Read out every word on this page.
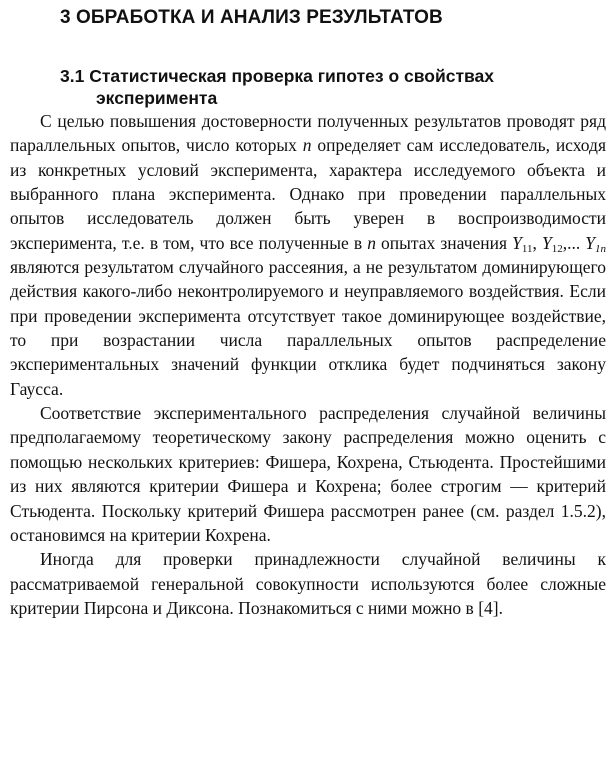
3 ОБРАБОТКА И АНАЛИЗ РЕЗУЛЬТАТОВ
3.1 Статистическая проверка гипотез о свойствах эксперимента

С целью повышения достоверности полученных результатов проводят ряд параллельных опытов, число которых n определяет сам исследователь, исходя из конкретных условий эксперимента, характера исследуемого объекта и выбранного плана эксперимента. Однако при проведении параллельных опытов исследователь должен быть уверен в воспроизводимости эксперимента, т.е. в том, что все полученные в n опытах значения $Y_{11}$, $Y_{12}$,... $Y_{1n}$ являются результатом случайного рассеяния, а не результатом доминирующего действия какого-либо неконтролируемого и неуправляемого воздействия. Если при проведении эксперимента отсутствует такое доминирующее воздействие, то при возрастании числа параллельных опытов распределение экспериментальных значений функции отклика будет подчиняться закону Гаусса.

Соответствие экспериментального распределения случайной величины предполагаемому теоретическому закону распределения можно оценить с помощью нескольких критериев: Фишера, Кохрена, Стьюдента. Простейшими из них являются критерии Фишера и Кохрена; более строгим — критерий Стьюдента. Поскольку критерий Фишера рассмотрен ранее (см. раздел 1.5.2), остановимся на критерии Кохрена.

Иногда для проверки принадлежности случайной величины к рассматриваемой генеральной совокупности используются более сложные критерии Пирсона и Диксона. Познакомиться с ними можно в [4].
